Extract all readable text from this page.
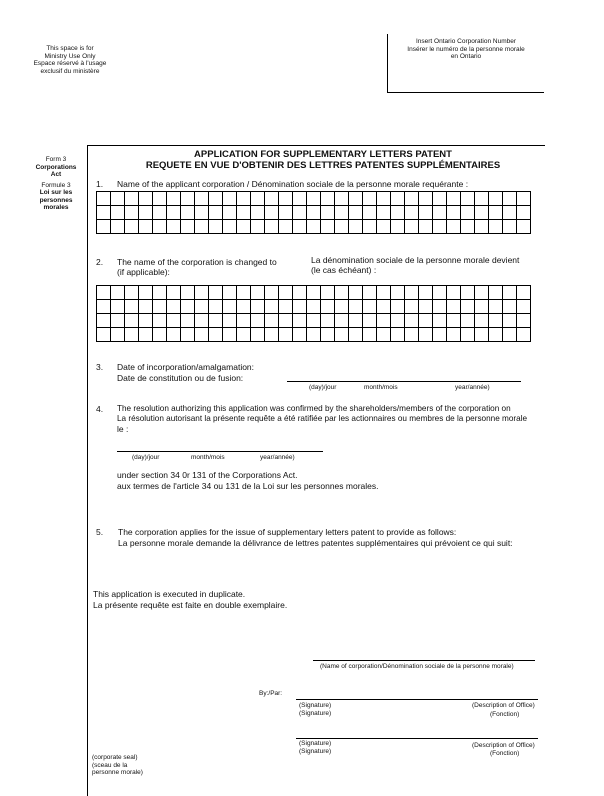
This space is for
Ministry Use Only
Espace réservé à l'usage
exclusif du ministère
Insert Ontario Corporation Number
Insérer le numéro de la personne morale
en Ontario
Form 3
Corporations
Act
Formule 3
Loi sur les
personnes
morales
APPLICATION FOR SUPPLEMENTARY LETTERS PATENT
REQUETE EN VUE D'OBTENIR DES LETTRES PATENTES SUPPLÉMENTAIRES
1. Name of the applicant corporation / Dénomination sociale de la personne morale requérante :

2. The name of the corporation is changed to
(if applicable):
La dénomination sociale de la personne morale devient
(le cas échéant) :

3. Date of incorporation/amalgamation:
Date de constitution ou de fusion:
(day)/jour	month/mois	year/année)
4. The resolution authorizing this application was confirmed by the shareholders/members of the corporation on
La résolution autorisant la présente requête a été ratifiée par les actionnaires ou membres de la personne morale
le :
(day)/jour	month/mois	year/année)
under section 34 0r 131 of the Corporations Act.
aux termes de l'article 34 ou 131 de la Loi sur les personnes morales.
5. The corporation applies for the issue of supplementary letters patent to provide as follows:
La personne morale demande la délivrance de lettres patentes supplémentaires qui prévoient ce qui suit:
This application is executed in duplicate.
La présente requête est faite en double exemplaire.
(Name of corporation/Dénomination sociale de la personne morale)
By:/Par:
(Signature)
(Signature)
(Description of Office)
(Fonction)
(Signature)
(Signature)
(Description of Office)
(Fonction)
(corporate seal)
(sceau de la
personne morale)
